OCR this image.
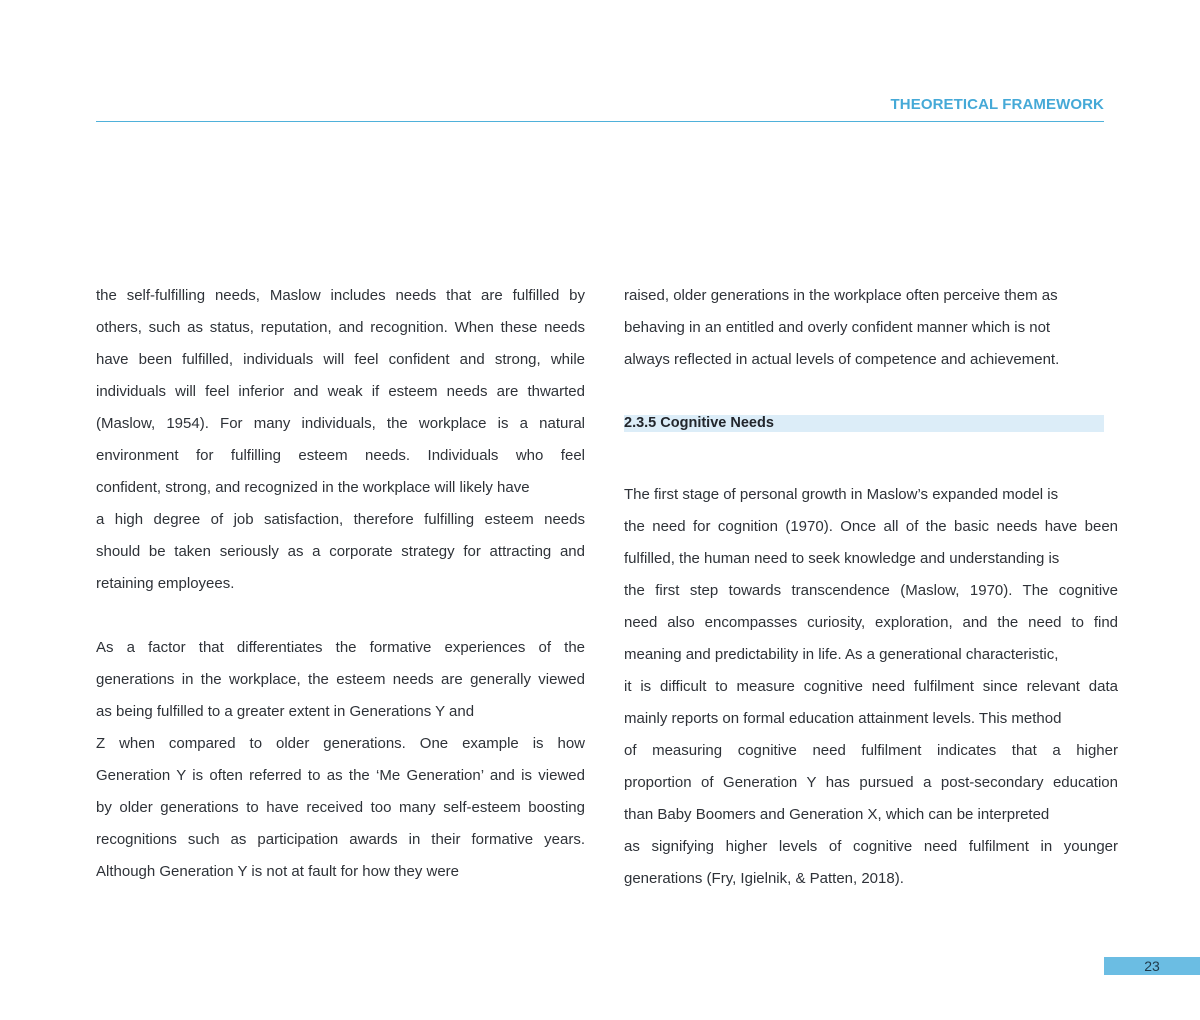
THEORETICAL FRAMEWORK
the self-fulfilling needs, Maslow includes needs that are fulfilled by
others, such as status, reputation, and recognition. When these needs
have been fulfilled, individuals will feel confident and strong, while
individuals will feel inferior and weak if esteem needs are thwarted
(Maslow, 1954). For many individuals, the workplace is a natural
environment for fulfilling esteem needs. Individuals who feel
confident, strong, and recognized in the workplace will likely have
a high degree of job satisfaction, therefore fulfilling esteem needs
should be taken seriously as a corporate strategy for attracting and
retaining employees.
As a factor that differentiates the formative experiences of the
generations in the workplace, the esteem needs are generally viewed
as being fulfilled to a greater extent in Generations Y and
Z when compared to older generations. One example is how
Generation Y is often referred to as the ‘Me Generation’ and is viewed
by older generations to have received too many self-esteem boosting
recognitions such as participation awards in their formative years.
Although Generation Y is not at fault for how they were
raised, older generations in the workplace often perceive them as
behaving in an entitled and overly confident manner which is not
always reflected in actual levels of competence and achievement.
2.3.5 Cognitive Needs
The first stage of personal growth in Maslow’s expanded model is
the need for cognition (1970). Once all of the basic needs have been
fulfilled, the human need to seek knowledge and understanding is
the first step towards transcendence (Maslow, 1970). The cognitive
need also encompasses curiosity, exploration, and the need to find
meaning and predictability in life. As a generational characteristic,
it is difficult to measure cognitive need fulfilment since relevant data
mainly reports on formal education attainment levels. This method
of measuring cognitive need fulfilment indicates that a higher
proportion of Generation Y has pursued a post-secondary education
than Baby Boomers and Generation X, which can be interpreted
as signifying higher levels of cognitive need fulfilment in younger
generations (Fry, Igielnik, & Patten, 2018).
23
